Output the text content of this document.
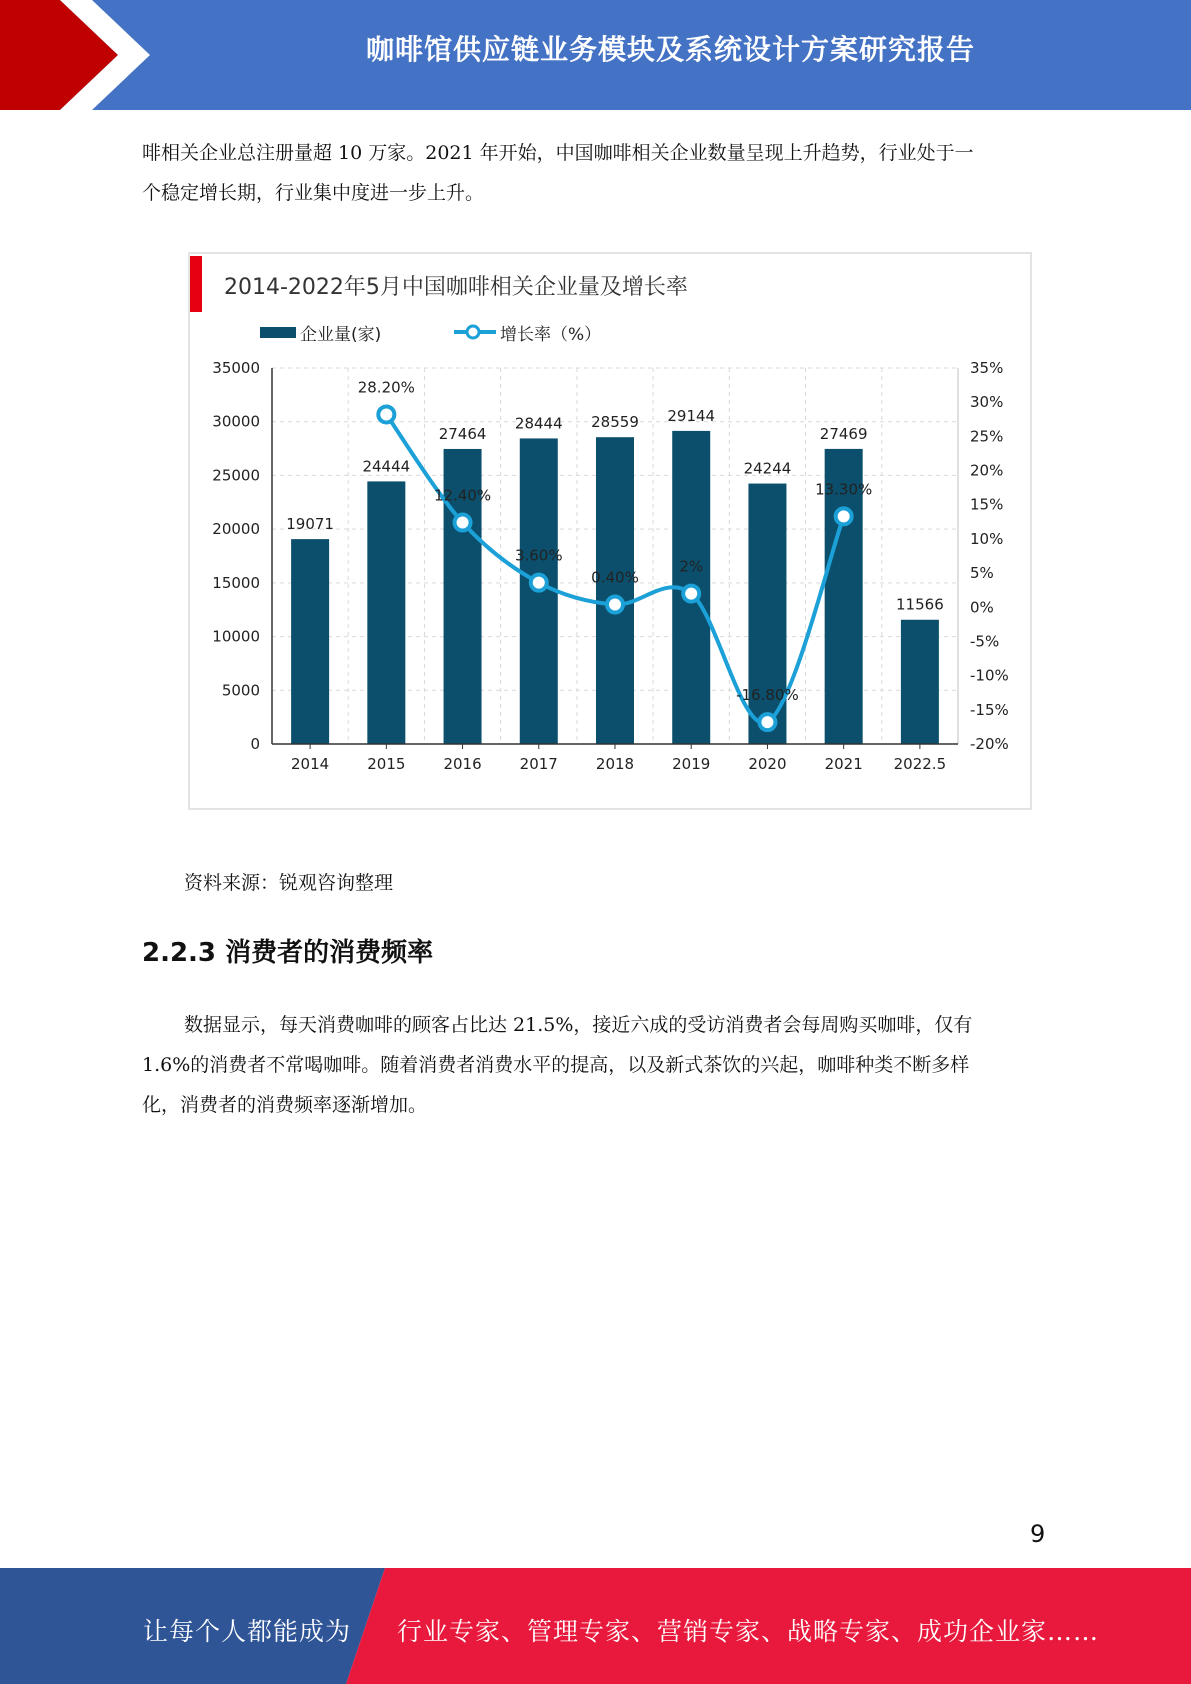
咖啡馆供应链业务模块及系统设计方案研究报告
啡相关企业总注册量超 10 万家。2021 年开始，中国咖啡相关企业数量呈现上升趋势，行业处于一
个稳定增长期，行业集中度进一步上升。
2014-2022年5月中国咖啡相关企业量及增长率
企业量(家)	增长率（%）
35000
30000
25000
20000
15000
10000
5000
0
35%
30%
25%
20%
15%
10%
5%
0%
-5%
-10%
-15%
-20%
19071
24444
27464
28444 28559 29144
24244
27469
11566
2014	2015	2016	2017	2018	2019	2020	2021 2022.5
28.20%
12.40%
3.60%
0.40%
2%
-16.80%
13.30%
资料来源：锐观咨询整理
2.2.3 消费者的消费频率
数据显示，每天消费咖啡的顾客占比达 21.5%，接近六成的受访消费者会每周购买咖啡，仅有
1.6%的消费者不常喝咖啡。随着消费者消费水平的提高，以及新式茶饮的兴起，咖啡种类不断多样
化，消费者的消费频率逐渐增加。
9
让每个人都能成为 行业专家、管理专家、营销专家、战略专家、成功企业家……
